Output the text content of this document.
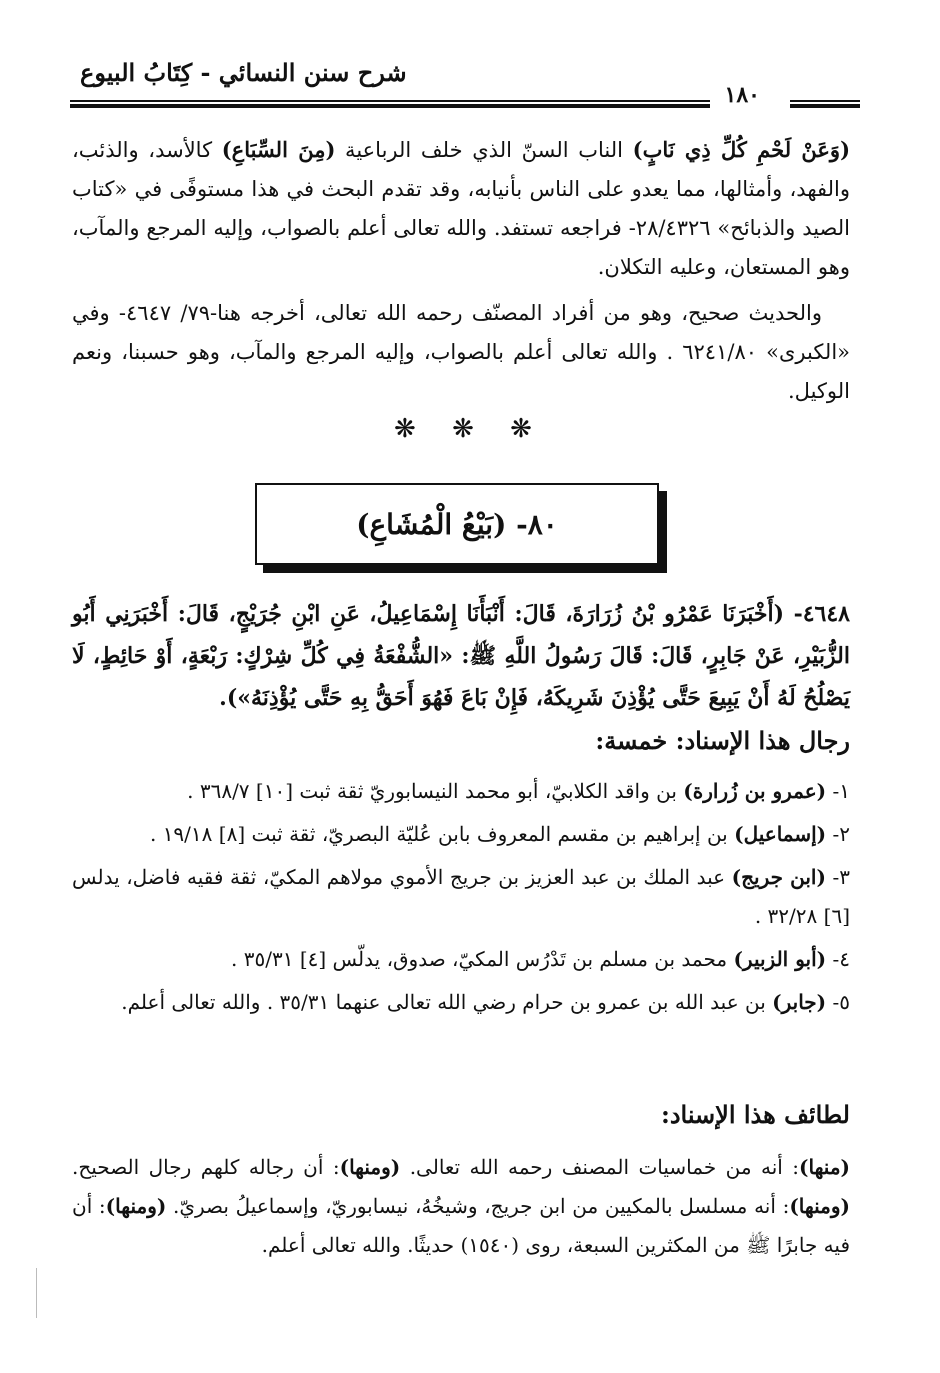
شرح سنن النسائي - كِتَابُ البيوع
١٨٠
(وَعَنْ لَحْمِ كُلِّ ذِي نَابٍ) الناب السنّ الذي خلف الرباعية (مِنَ السِّبَاعِ) كالأسد، والذئب، والفهد، وأمثالها، مما يعدو على الناس بأنيابه، وقد تقدم البحث في هذا مستوفًى في «كتاب الصيد والذبائح» ٢٨/٤٣٢٦- فراجعه تستفد. والله تعالى أعلم بالصواب، وإليه المرجع والمآب، وهو المستعان، وعليه التكلان.
والحديث صحيح، وهو من أفراد المصنّف رحمه الله تعالى، أخرجه هنا-٧٩/ ٤٦٤٧- وفي «الكبرى» ٦٢٤١/٨٠ . والله تعالى أعلم بالصواب، وإليه المرجع والمآب، وهو حسبنا، ونعم الوكيل.
❋ ❋ ❋
٨٠- (بَيْعُ الْمُشَاعِ)
٤٦٤٨- (أَخْبَرَنَا عَمْرُو بْنُ زُرَارَةَ، قَالَ: أَنْبَأَنَا إِسْمَاعِيلُ، عَنِ ابْنِ جُرَيْجٍ، قَالَ: أَخْبَرَنِي أَبُو الزُّبَيْرِ، عَنْ جَابِرٍ، قَالَ: قَالَ رَسُولُ اللَّهِ ﷺ: «الشُّفْعَةُ فِي كُلِّ شِرْكٍ: رَبْعَةٍ، أَوْ حَائِطٍ، لَا يَصْلُحُ لَهُ أَنْ يَبِيعَ حَتَّى يُؤْذِنَ شَرِيكَهُ، فَإِنْ بَاعَ فَهُوَ أَحَقُّ بِهِ حَتَّى يُؤْذِنَهُ»).
رجال هذا الإسناد: خمسة:

١- (عمرو بن زُرارة) بن واقد الكلابيّ، أبو محمد النيسابوريّ ثقة ثبت [١٠] ٣٦٨/٧ .

٢- (إسماعيل) بن إبراهيم بن مقسم المعروف بابن عُليّة البصريّ، ثقة ثبت [٨] ١٩/١٨ .

٣- (ابن جريج) عبد الملك بن عبد العزيز بن جريج الأموي مولاهم المكيّ، ثقة فقيه فاضل، يدلس [٦] ٣٢/٢٨ .

٤- (أبو الزبير) محمد بن مسلم بن تَدْرُس المكيّ، صدوق، يدلّس [٤] ٣٥/٣١ .

٥- (جابر) بن عبد الله بن عمرو بن حرام رضي الله تعالى عنهما ٣٥/٣١ . والله تعالى أعلم.

لطائف هذا الإسناد:
(منها): أنه من خماسيات المصنف رحمه الله تعالى. (ومنها): أن رجاله كلهم رجال الصحيح. (ومنها): أنه مسلسل بالمكيين من ابن جريج، وشيخُهُ، نيسابوريّ، وإسماعيلُ بصريّ. (ومنها): أن فيه جابرًا ﷺ من المكثرين السبعة، روى (١٥٤٠) حديثًا. والله تعالى أعلم.
